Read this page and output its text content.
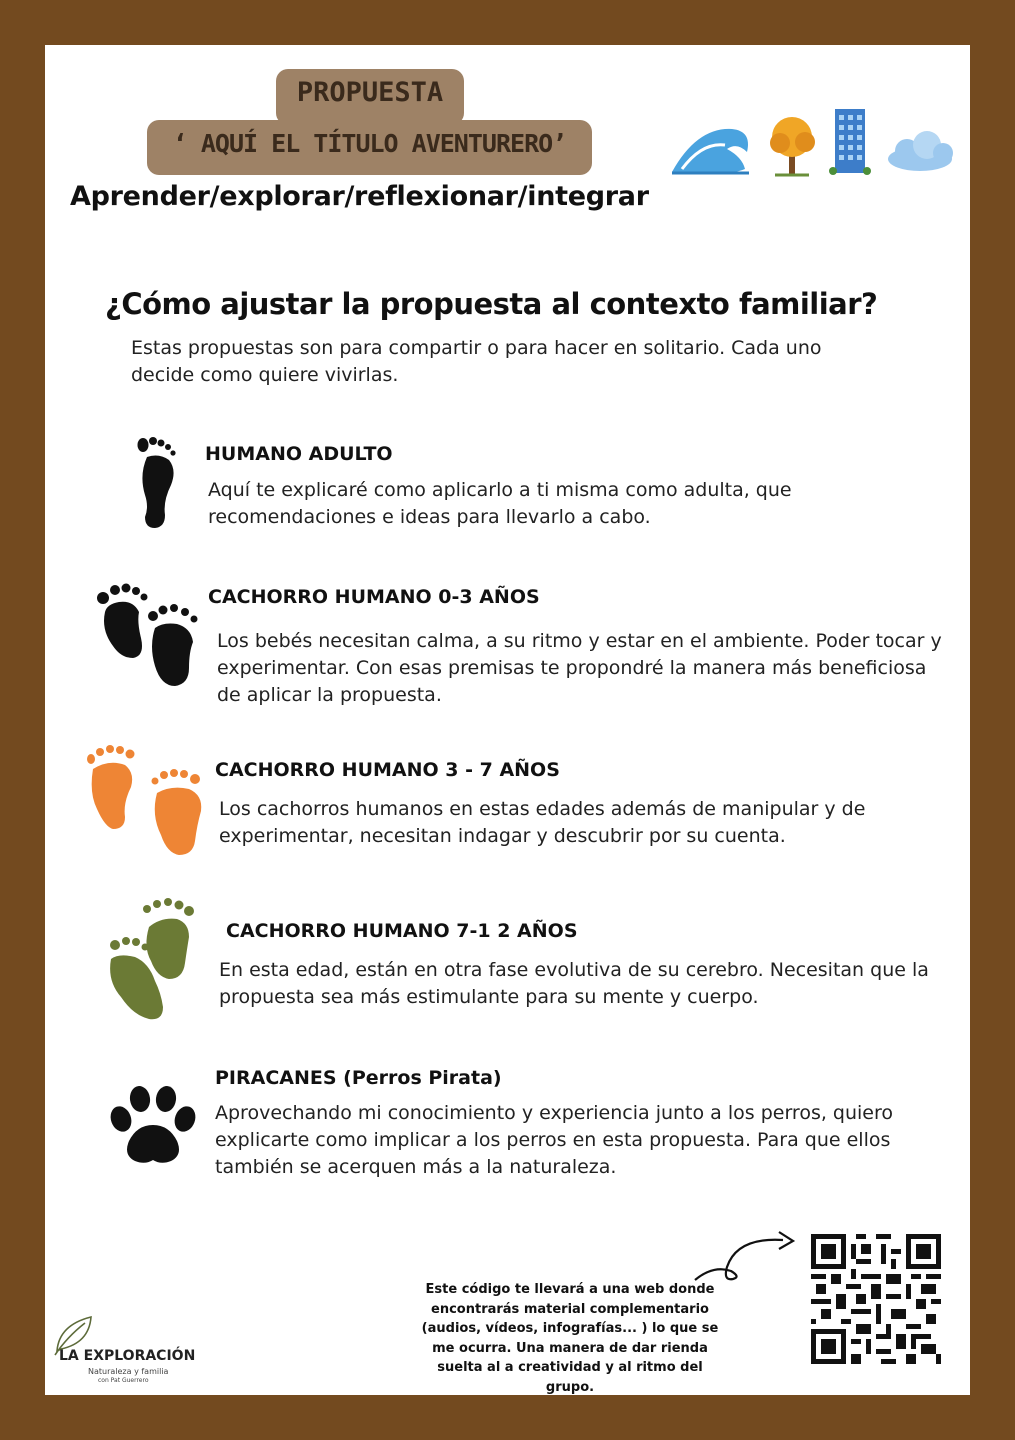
PROPUESTA
‘ AQUÍ EL TÍTULO AVENTURERO’
Aprender/explorar/reflexionar/integrar
¿Cómo ajustar la propuesta al contexto familiar?
Estas propuestas son para compartir o para hacer en solitario. Cada uno decide como quiere vivirlas.
HUMANO ADULTO
Aquí te explicaré como aplicarlo a ti misma como adulta, que recomendaciones e ideas para llevarlo a cabo.
CACHORRO HUMANO 0-3 AÑOS
Los bebés necesitan calma, a su ritmo y estar en el ambiente. Poder tocar y experimentar. Con esas premisas te propondré la manera más beneficiosa de aplicar la propuesta.
CACHORRO HUMANO 3 - 7 AÑOS
Los cachorros humanos en estas edades además de manipular y de experimentar, necesitan indagar y descubrir por su cuenta.
CACHORRO HUMANO 7-1 2 AÑOS
En esta edad, están en otra fase evolutiva de su cerebro. Necesitan que la propuesta sea más estimulante para su mente y cuerpo.
PIRACANES (Perros Pirata)
Aprovechando mi conocimiento y experiencia junto a los perros, quiero explicarte como implicar a los perros en esta propuesta. Para que ellos también se acerquen más a la naturaleza.
Este código te llevará a una web donde encontrarás material complementario (audios, vídeos, infografías... ) lo que se me ocurra. Una manera de dar rienda suelta al a creatividad y al ritmo del grupo.
LA EXPLORACIÓN
Naturaleza y familia
con Pat Guerrero
